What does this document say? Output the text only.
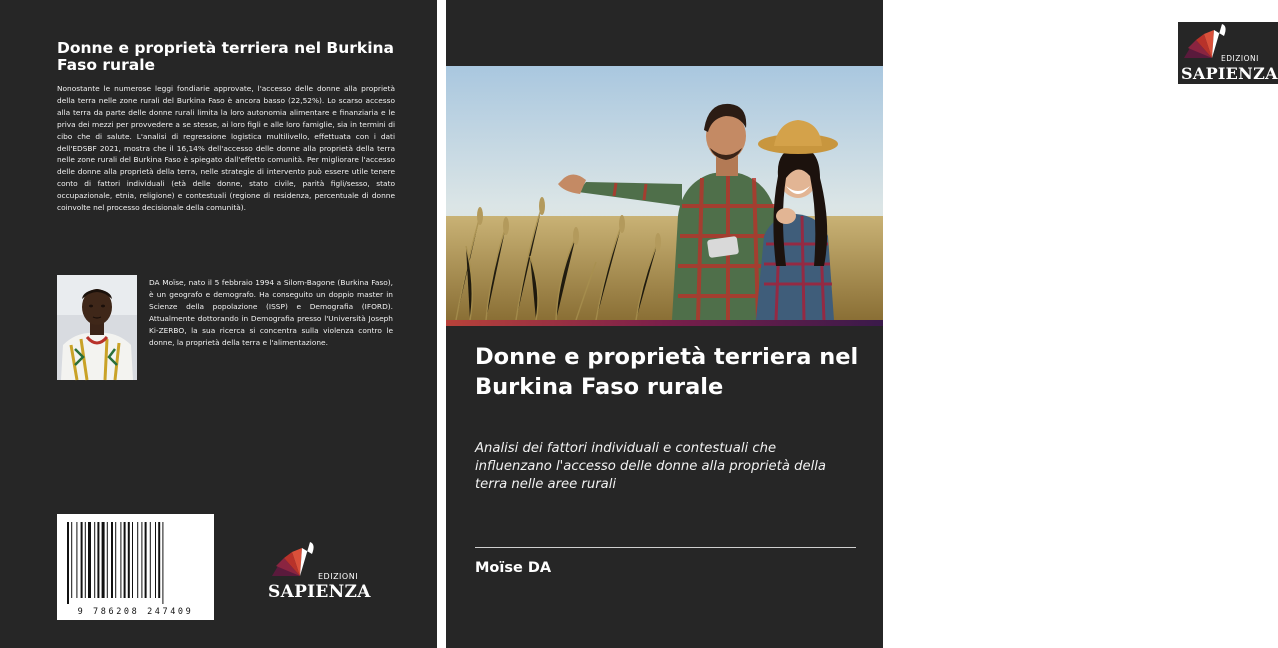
Donne e proprietà terriera nel Burkina Faso rurale

Nonostante le numerose leggi fondiarie approvate, l'accesso delle donne alla proprietà della terra nelle zone rurali del Burkina Faso è ancora basso (22,52%). Lo scarso accesso alla terra da parte delle donne rurali limita la loro autonomia alimentare e finanziaria e le priva dei mezzi per provvedere a se stesse, ai loro figli e alle loro famiglie, sia in termini di cibo che di salute. L'analisi di regressione logistica multilivello, effettuata con i dati dell'EDSBF 2021, mostra che il 16,14% dell'accesso delle donne alla proprietà della terra nelle zone rurali del Burkina Faso è spiegato dall'effetto comunità. Per migliorare l'accesso delle donne alla proprietà della terra, nelle strategie di intervento può essere utile tenere conto di fattori individuali (età delle donne, stato civile, parità figli/sesso, stato occupazionale, etnia, religione) e contestuali (regione di residenza, percentuale di donne coinvolte nel processo decisionale della comunità).

DA Moïse, nato il 5 febbraio 1994 a Silom-Bagone (Burkina Faso), è un geografo e demografo. Ha conseguito un doppio master in Scienze della popolazione (ISSP) e Demografia (IFORD). Attualmente dottorando in Demografia presso l'Università Joseph Ki-ZERBO, la sua ricerca si concentra sulla violenza contro le donne, la proprietà della terra e l'alimentazione.

9 786208 247409
EDIZIONI
SAPIENZA
EDIZIONI
SAPIENZA
Donne e proprietà terriera nel Burkina Faso rurale

Analisi dei fattori individuali e contestuali che influenzano l'accesso delle donne alla proprietà della terra nelle aree rurali

Moïse DA
